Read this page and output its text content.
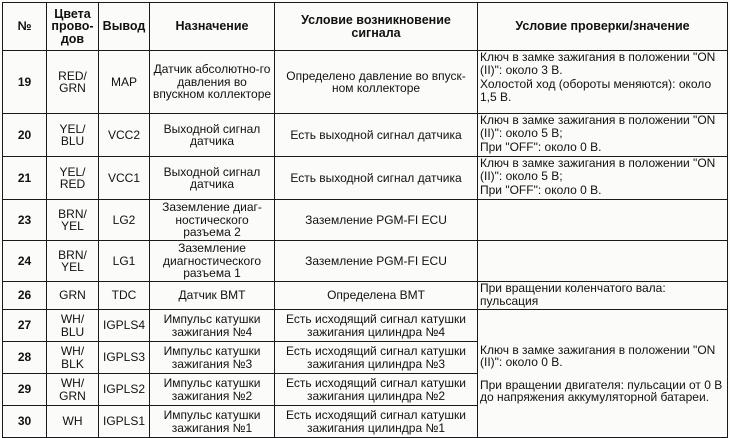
№	Цвета прово-дов	Вывод	Назначение	Условие возникновение сигнала	Условие проверки/значение
19	RED/ GRN	MAP	Датчик абсолютно-го давления во впускном коллекторе	Определено давление во впуск-ном коллекторе	Ключ в замке зажигания в положении "ON (II)": около 3 В.
Холостой ход (обороты меняются): около 1,5 В.

20	YEL/ BLU	VCC2	Выходной сигнал датчика	Есть выходной сигнал датчика	Ключ в замке зажигания в положении "ON (II)": около 5 В;
При "OFF": около 0 В.

21	YEL/ RED	VCC1	Выходной сигнал датчика	Есть выходной сигнал датчика	Ключ в замке зажигания в положении "ON (II)": около 5 В;
При "OFF": около 0 В.

23	BRN/ YEL	LG2	Заземление диаг-ностического разъема 2	Заземление PGM-FI ECU	
24	BRN/ YEL	LG1	Заземление диагностического разъема 1	Заземление PGM-FI ECU	
26	GRN	TDC	Датчик ВМТ	Определена ВМТ	При вращении коленчатого вала: пульсация

27	WH/ BLU	IGPLS4	Импульс катушки зажигания №4	Есть исходящий сигнал катушки зажигания цилиндра №4	Ключ в замке зажигания в положении "ON (II)": около 0 В.
При вращении двигателя: пульсации от 0 В до напряжения аккумуляторной батареи.

28	WH/ BLK	IGPLS3	Импульс катушки зажигания №3	Есть исходящий сигнал катушки зажигания цилиндра №3	
29	WH/ GRN	IGPLS2	Импульс катушки зажигания №2	Есть исходящий сигнал катушки зажигания цилиндра №2	
30	WH	IGPLS1	Импульс катушки зажигания №1	Есть исходящий сигнал катушки зажигания цилиндра №1	
